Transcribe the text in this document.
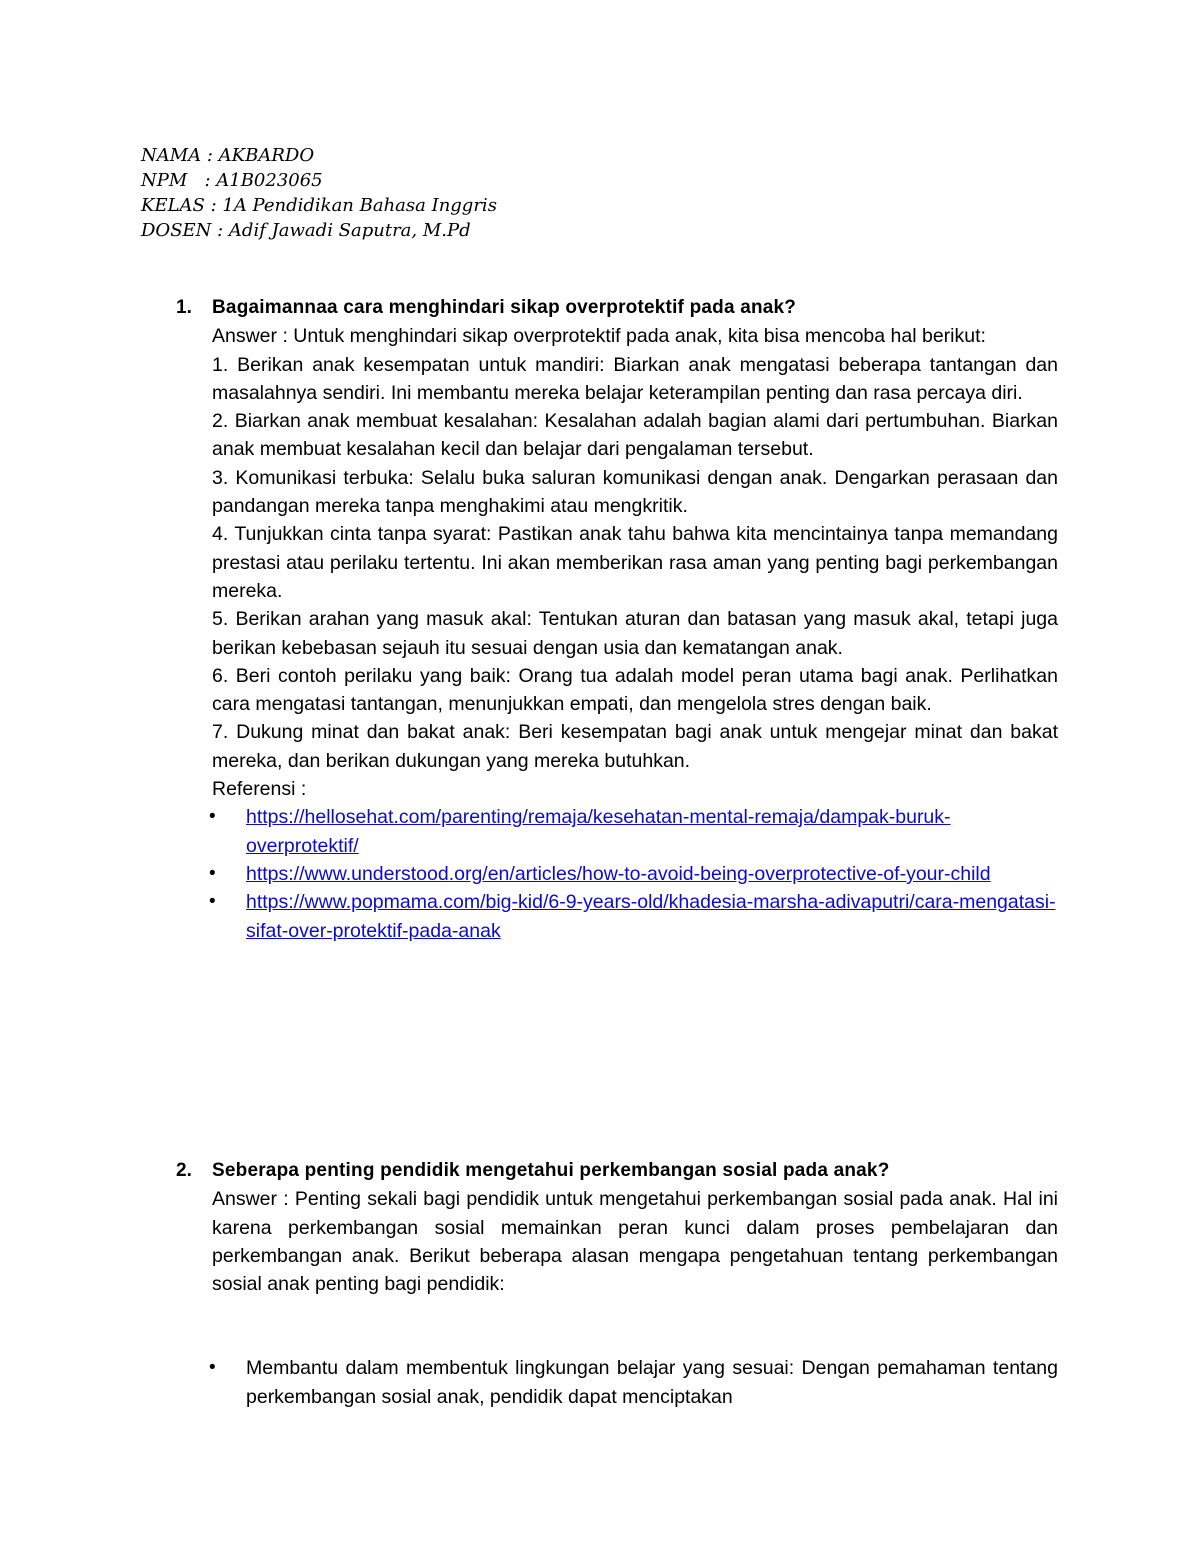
NAMA : AKBARDO
NPM   : A1B023065
KELAS : 1A Pendidikan Bahasa Inggris
DOSEN : Adif Jawadi Saputra, M.Pd
1. Bagaimannaa cara menghindari sikap overprotektif pada anak?

Answer : Untuk menghindari sikap overprotektif pada anak, kita bisa mencoba hal berikut:

1. Berikan anak kesempatan untuk mandiri: Biarkan anak mengatasi beberapa tantangan dan masalahnya sendiri. Ini membantu mereka belajar keterampilan penting dan rasa percaya diri.

2. Biarkan anak membuat kesalahan: Kesalahan adalah bagian alami dari pertumbuhan. Biarkan anak membuat kesalahan kecil dan belajar dari pengalaman tersebut.

3. Komunikasi terbuka: Selalu buka saluran komunikasi dengan anak. Dengarkan perasaan dan pandangan mereka tanpa menghakimi atau mengkritik.

4. Tunjukkan cinta tanpa syarat: Pastikan anak tahu bahwa kita mencintainya tanpa memandang prestasi atau perilaku tertentu. Ini akan memberikan rasa aman yang penting bagi perkembangan mereka.

5. Berikan arahan yang masuk akal: Tentukan aturan dan batasan yang masuk akal, tetapi juga berikan kebebasan sejauh itu sesuai dengan usia dan kematangan anak.

6. Beri contoh perilaku yang baik: Orang tua adalah model peran utama bagi anak. Perlihatkan cara mengatasi tantangan, menunjukkan empati, dan mengelola stres dengan baik.

7. Dukung minat dan bakat anak: Beri kesempatan bagi anak untuk mengejar minat dan bakat mereka, dan berikan dukungan yang mereka butuhkan.

Referensi :

• https://hellosehat.com/parenting/remaja/kesehatan-mental-remaja/dampak-buruk-overprotektif/
• https://www.understood.org/en/articles/how-to-avoid-being-overprotective-of-your-child
• https://www.popmama.com/big-kid/6-9-years-old/khadesia-marsha-adivaputri/cara-mengatasi-sifat-over-protektif-pada-anak
2. Seberapa penting pendidik mengetahui perkembangan sosial pada anak?

Answer : Penting sekali bagi pendidik untuk mengetahui perkembangan sosial pada anak. Hal ini karena perkembangan sosial memainkan peran kunci dalam proses pembelajaran dan perkembangan anak. Berikut beberapa alasan mengapa pengetahuan tentang perkembangan sosial anak penting bagi pendidik:

• Membantu dalam membentuk lingkungan belajar yang sesuai: Dengan pemahaman tentang perkembangan sosial anak, pendidik dapat menciptakan
